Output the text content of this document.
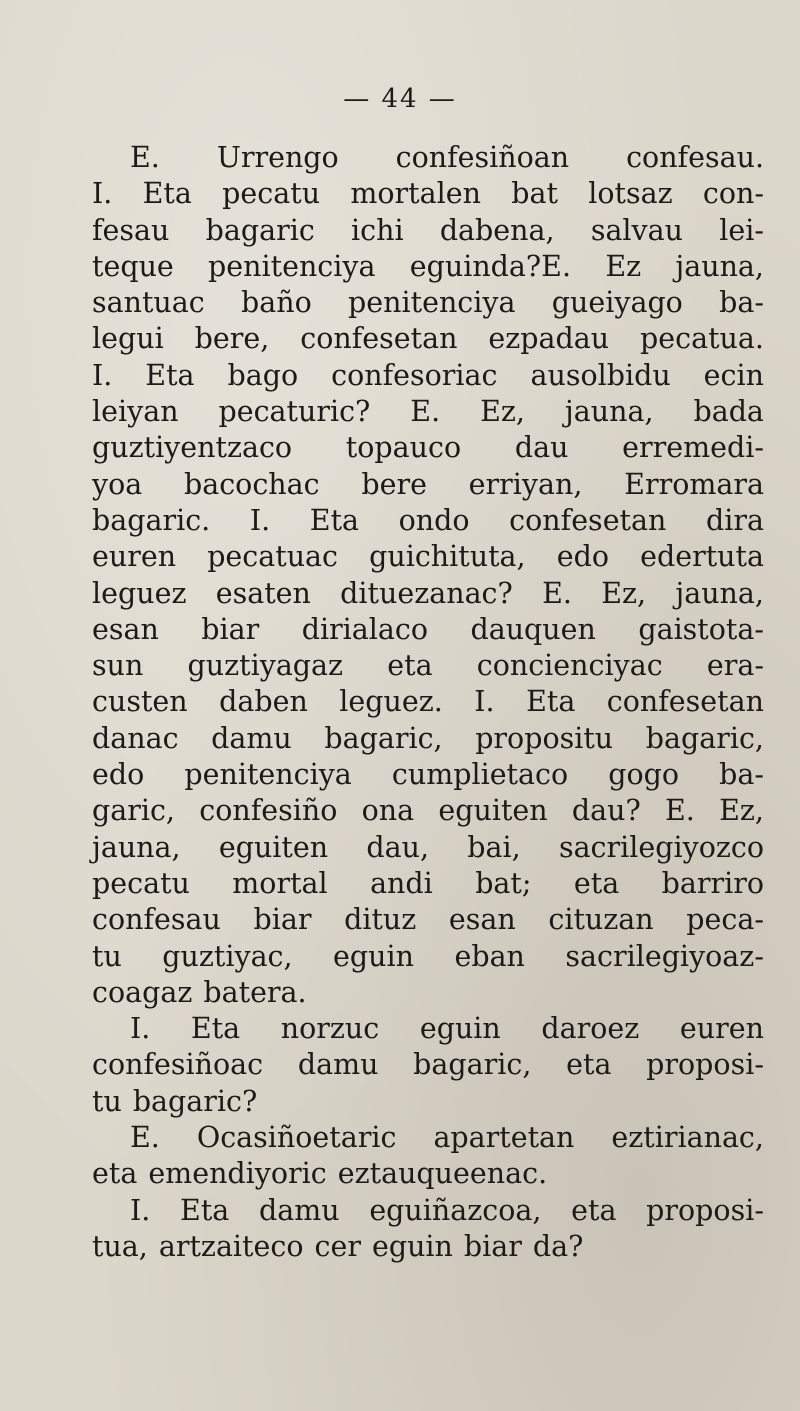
— 44 —
E. Urrengo confesiñoan confesau.
I. Eta pecatu mortalen bat lotsaz con-
fesau bagaric ichi dabena, salvau lei-
teque penitenciya eguinda?E. Ez jauna,
santuac baño penitenciya gueiyago ba-
legui bere, confesetan ezpadau pecatua.
I. Eta bago confesoriac ausolbidu ecin
leiyan pecaturic? E. Ez, jauna, bada
guztiyentzaco topauco dau erremedi-
yoa bacochac bere erriyan, Erromara
bagaric. I. Eta ondo confesetan dira
euren pecatuac guichituta, edo edertuta
leguez esaten dituezanac? E. Ez, jauna,
esan biar dirialaco dauquen gaistota-
sun guztiyagaz eta concienciyac era-
custen daben leguez. I. Eta confesetan
danac damu bagaric, propositu bagaric,
edo penitenciya cumplietaco gogo ba-
garic, confesiño ona eguiten dau? E. Ez,
jauna, eguiten dau, bai, sacrilegiyozco
pecatu mortal andi bat; eta barriro
confesau biar dituz esan cituzan peca-
tu guztiyac, eguin eban sacrilegiyoaz-
coagaz batera.
I. Eta norzuc eguin daroez euren
confesiñoac damu bagaric, eta proposi-
tu bagaric?
E. Ocasiñoetaric apartetan eztirianac,
eta emendiyoric eztauqueenac.
I. Eta damu eguiñazcoa, eta proposi-
tua, artzaiteco cer eguin biar da?
